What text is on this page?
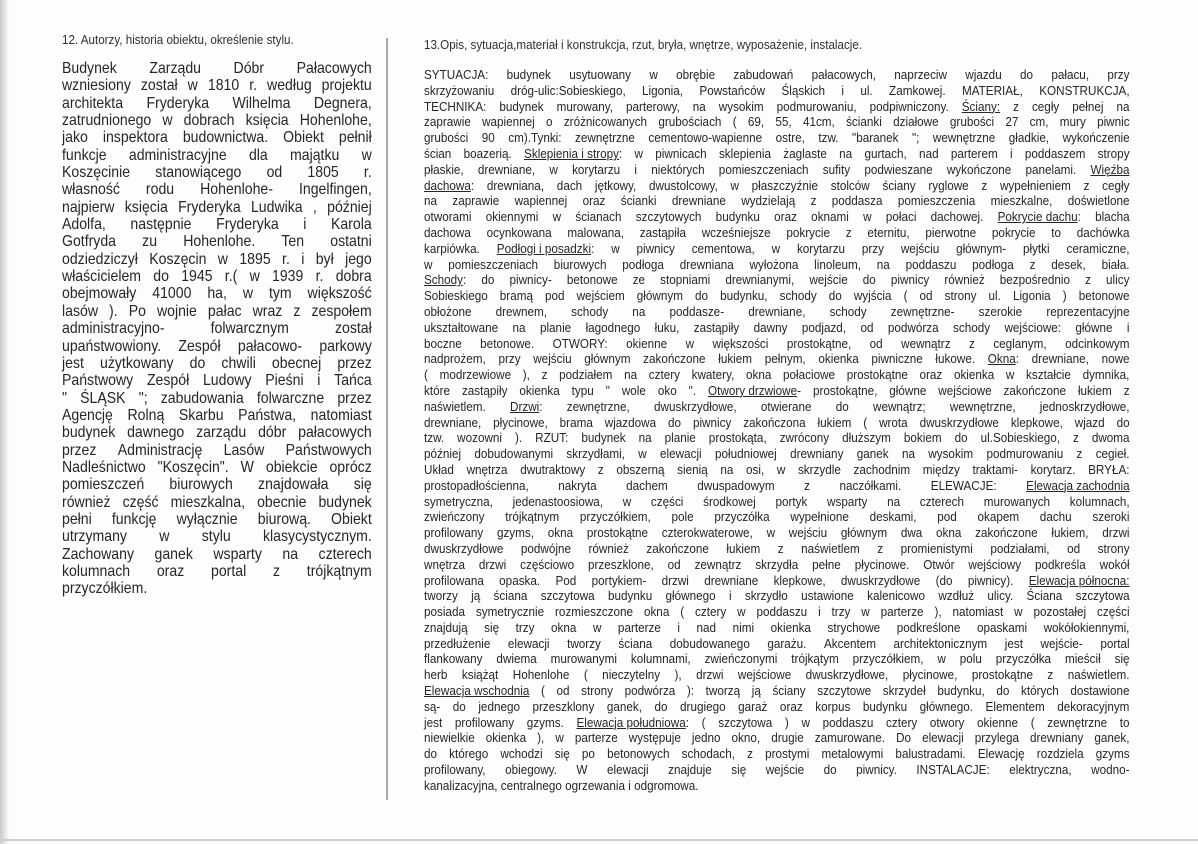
12. Autorzy, historia obiektu, określenie stylu.	13.Opis, sytuacja,materiał i konstrukcja, rzut, bryła, wnętrze, wyposażenie, instalacje.
Budynek Zarządu Dóbr Pałacowych
wzniesiony został w 1810 r. według projektu
architekta Fryderyka Wilhelma Degnera,
zatrudnionego w dobrach księcia Hohenlohe,
jako inspektora budownictwa. Obiekt pełnił
funkcje administracyjne dla majątku w
Koszęcinie stanowiącego od 1805 r.
własność rodu Hohenlohe- Ingelfingen,
najpierw księcia Fryderyka Ludwika , później
Adolfa, następnie Fryderyka i Karola
Gotfryda zu Hohenlohe. Ten ostatni
odziedziczył Koszęcin w 1895 r. i był jego
właścicielem do 1945 r.( w 1939 r. dobra
obejmowały 41000 ha, w tym większość
lasów ). Po wojnie pałac wraz z zespołem
administracyjno-	folwarcznym	został
upaństwowiony. Zespół pałacowo- parkowy
jest użytkowany do chwili obecnej przez
Państwowy Zespół Ludowy Pieśni i Tańca
" ŚLĄSK "; zabudowania folwarczne przez
Agencję Rolną Skarbu Państwa, natomiast
budynek dawnego zarządu dóbr pałacowych
przez Administrację Lasów Państwowych
Nadleśnictwo "Koszęcin". W obiekcie oprócz
pomieszczeń biurowych znajdowała się
również część mieszkalna, obecnie budynek
pełni funkcję wyłącznie biurową. Obiekt
utrzymany w stylu klasycystycznym.
Zachowany ganek wsparty na czterech
kolumnach oraz portal z trójkątnym
przyczółkiem.
SYTUACJA: budynek usytuowany w obrębie zabudowań pałacowych, naprzeciw wjazdu do pałacu, przy
skrzyżowaniu dróg-ulic:Sobieskiego, Ligonia, Powstańców Śląskich i ul. Zamkowej. MATERIAŁ, KONSTRUKCJA,
TECHNIKA: budynek murowany, parterowy, na wysokim podmurowaniu, podpiwniczony. Ściany: z cegły pełnej na
zaprawie wapiennej o zróżnicowanych grubościach ( 69, 55, 41cm, ścianki działowe grubości 27 cm, mury piwnic
grubości 90 cm).Tynki: zewnętrzne cementowo-wapienne ostre, tzw. "baranek "; wewnętrzne gładkie, wykończenie
ścian boazerią. Sklepienia i stropy: w piwnicach sklepienia żaglaste na gurtach, nad parterem i poddaszem stropy
płaskie, drewniane, w korytarzu i niektórych pomieszczeniach sufity podwieszane wykończone panelami. Więźba
dachowa: drewniana, dach jętkowy, dwustolcowy, w płaszczyźnie stolców ściany ryglowe z wypełnieniem z cegły
na zaprawie wapiennej oraz ścianki drewniane wydzielają z poddasza pomieszczenia mieszkalne, doświetlone
otworami okiennymi w ścianach szczytowych budynku oraz oknami w połaci dachowej. Pokrycie dachu: blacha
dachowa ocynkowana malowana, zastąpiła wcześniejsze pokrycie z eternitu, pierwotne pokrycie to dachówka
karpiówka. Podłogi i posadzki: w piwnicy cementowa, w korytarzu przy wejściu głównym- płytki ceramiczne,
w pomieszczeniach biurowych podłoga drewniana wyłożona linoleum, na poddaszu podłoga z desek, biała.
Schody: do piwnicy- betonowe ze stopniami drewnianymi, wejście do piwnicy również bezpośrednio z ulicy
Sobieskiego bramą pod wejściem głównym do budynku, schody do wyjścia ( od strony ul. Ligonia ) betonowe
obłożone drewnem, schody na poddasze- drewniane, schody zewnętrzne- szerokie reprezentacyjne
ukształtowane na planie łagodnego łuku, zastąpiły dawny podjazd, od podwórza schody wejściowe: główne i
boczne betonowe. OTWORY: okienne w większości prostokątne, od wewnątrz z ceglanym, odcinkowym
nadprożem, przy wejściu głównym zakończone łukiem pełnym, okienka piwniczne łukowe. Okna: drewniane, nowe
( modrzewiowe ), z podziałem na cztery kwatery, okna połaciowe prostokątne oraz okienka w kształcie dymnika,
które zastąpiły okienka typu " wole oko ". Otwory drzwiowe- prostokątne, główne wejściowe zakończone łukiem z
naświetlem. Drzwi: zewnętrzne, dwuskrzydłowe, otwierane do wewnątrz; wewnętrzne, jednoskrzydłowe,
drewniane, płycinowe, brama wjazdowa do piwnicy zakończona łukiem ( wrota dwuskrzydłowe klepkowe, wjazd do
tzw. wozowni ). RZUT: budynek na planie prostokąta, zwrócony dłuższym bokiem do ul.Sobieskiego, z dwoma
później dobudowanymi skrzydłami, w elewacji południowej drewniany ganek na wysokim podmurowaniu z cegieł.
Układ wnętrza dwutraktowy z obszerną sienią na osi, w skrzydle zachodnim między traktami- korytarz. BRYŁA:
prostopadłościenna, nakryta dachem dwuspadowym z naczółkami. ELEWACJE: Elewacja zachodnia
symetryczna, jedenastoosiowa, w części środkowej portyk wsparty na czterech murowanych kolumnach,
zwieńczony trójkątnym przyczółkiem, pole przyczółka wypełnione deskami, pod okapem dachu szeroki
profilowany gzyms, okna prostokątne czterokwaterowe, w wejściu głównym dwa okna zakończone łukiem, drzwi
dwuskrzydłowe podwójne również zakończone łukiem z naświetlem z promienistymi podziałami, od strony
wnętrza drzwi częściowo przeszklone, od zewnątrz skrzydła pełne płycinowe. Otwór wejściowy podkreśla wokół
profilowana opaska. Pod portykiem- drzwi drewniane klepkowe, dwuskrzydłowe (do piwnicy). Elewacja północna:
tworzy ją ściana szczytowa budynku głównego i skrzydło ustawione kalenicowo wzdłuż ulicy. Ściana szczytowa
posiada symetrycznie rozmieszczone okna ( cztery w poddaszu i trzy w parterze ), natomiast w pozostałej części
znajdują się trzy okna w parterze i nad nimi okienka strychowe podkreślone opaskami wokółokiennymi,
przedłużenie elewacji tworzy ściana dobudowanego garażu. Akcentem architektonicznym jest wejście- portal
flankowany dwiema murowanymi kolumnami, zwieńczonymi trójkątym przyczółkiem, w polu przyczółka mieścił się
herb książąt Hohenlohe ( nieczytelny ), drzwi wejściowe dwuskrzydłowe, płycinowe, prostokątne z naświetlem.
Elewacja wschodnia ( od strony podwórza ): tworzą ją ściany szczytowe skrzydeł budynku, do których dostawione
są- do jednego przeszklony ganek, do drugiego garaż oraz korpus budynku głównego. Elementem dekoracyjnym
jest profilowany gzyms. Elewacja południowa: ( szczytowa ) w poddaszu cztery otwory okienne ( zewnętrzne to
niewielkie okienka ), w parterze występuje jedno okno, drugie zamurowane. Do elewacji przylega drewniany ganek,
do którego wchodzi się po betonowych schodach, z prostymi metalowymi balustradami. Elewację rozdziela gzyms
profilowany, obiegowy. W elewacji znajduje się wejście do piwnicy. INSTALACJE: elektryczna, wodno-
kanalizacyjna, centralnego ogrzewania i odgromowa.
